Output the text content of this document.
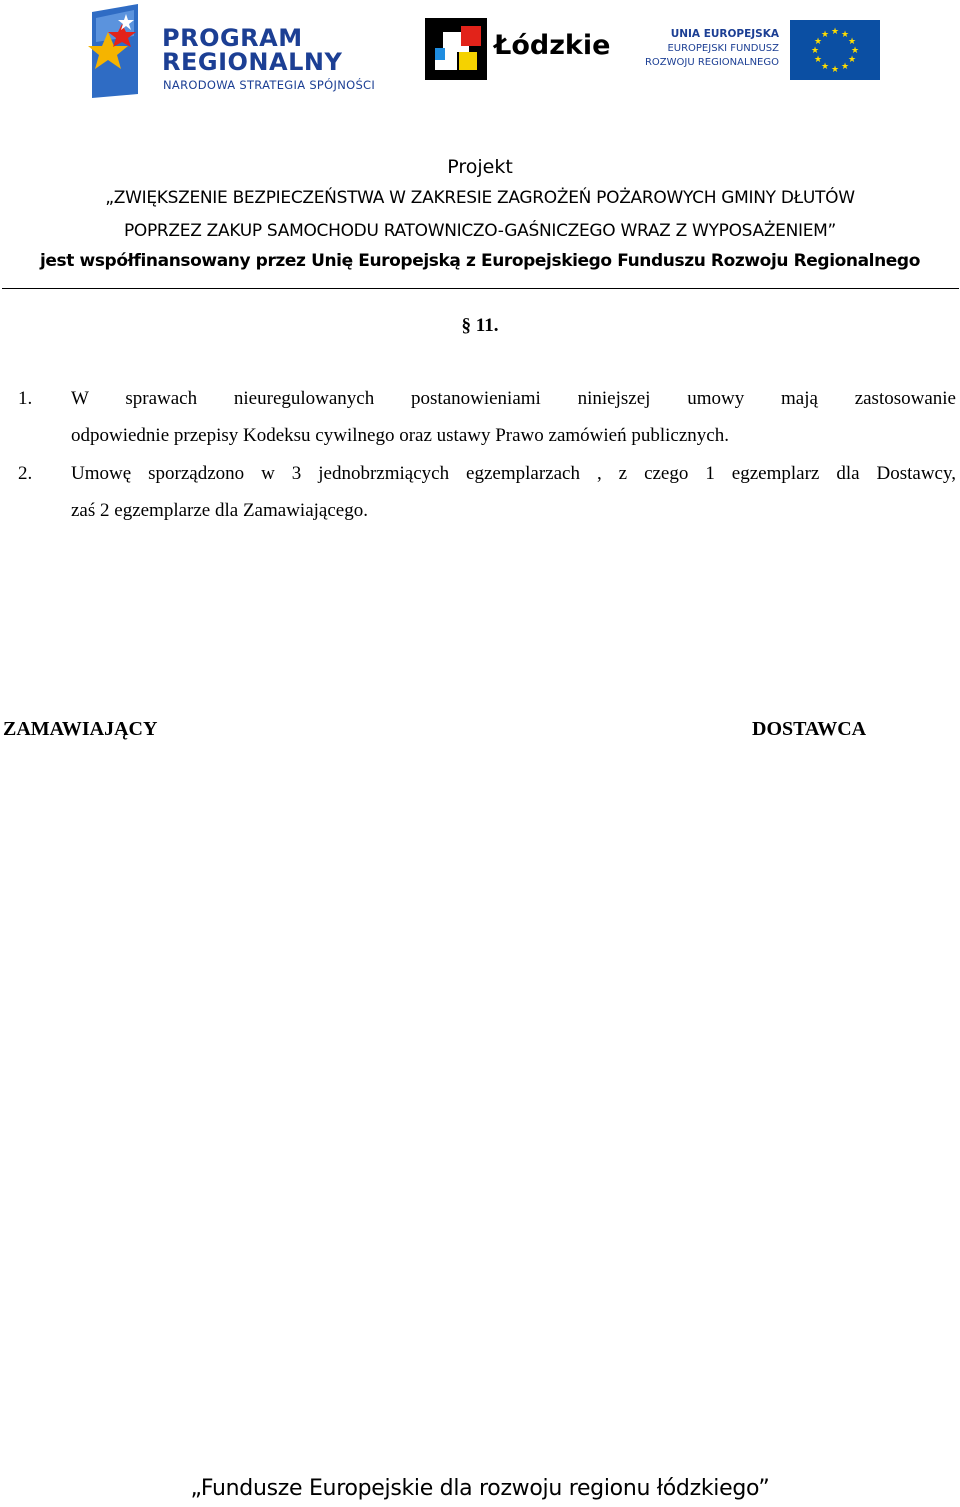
PROGRAM
REGIONALNY
NARODOWA STRATEGIA SPÓJNOŚCI
Łódzkie	UNIA EUROPEJSKA
EUROPEJSKI FUNDUSZ
ROZWOJU REGIONALNEGO
★ ★
★
★
★
★
★
★
★
★
★
★
Projekt
„ZWIĘKSZENIE BEZPIECZEŃSTWA W ZAKRESIE ZAGROŻEŃ POŻAROWYCH GMINY DŁUTÓW
POPRZEZ ZAKUP SAMOCHODU RATOWNICZO-GAŚNICZEGO WRAZ Z WYPOSAŻENIEM”
jest współfinansowany przez Unię Europejską z Europejskiego Funduszu Rozwoju Regionalnego
§ 11.
1. W sprawach nieuregulowanych postanowieniami niniejszej umowy mają zastosowanie
odpowiednie przepisy Kodeksu cywilnego oraz ustawy Prawo zamówień publicznych.
2. Umowę sporządzono w 3 jednobrzmiących egzemplarzach , z czego 1 egzemplarz dla Dostawcy,
zaś 2 egzemplarze dla Zamawiającego.
ZAMAWIAJĄCY	DOSTAWCA
„Fundusze Europejskie dla rozwoju regionu łódzkiego”
